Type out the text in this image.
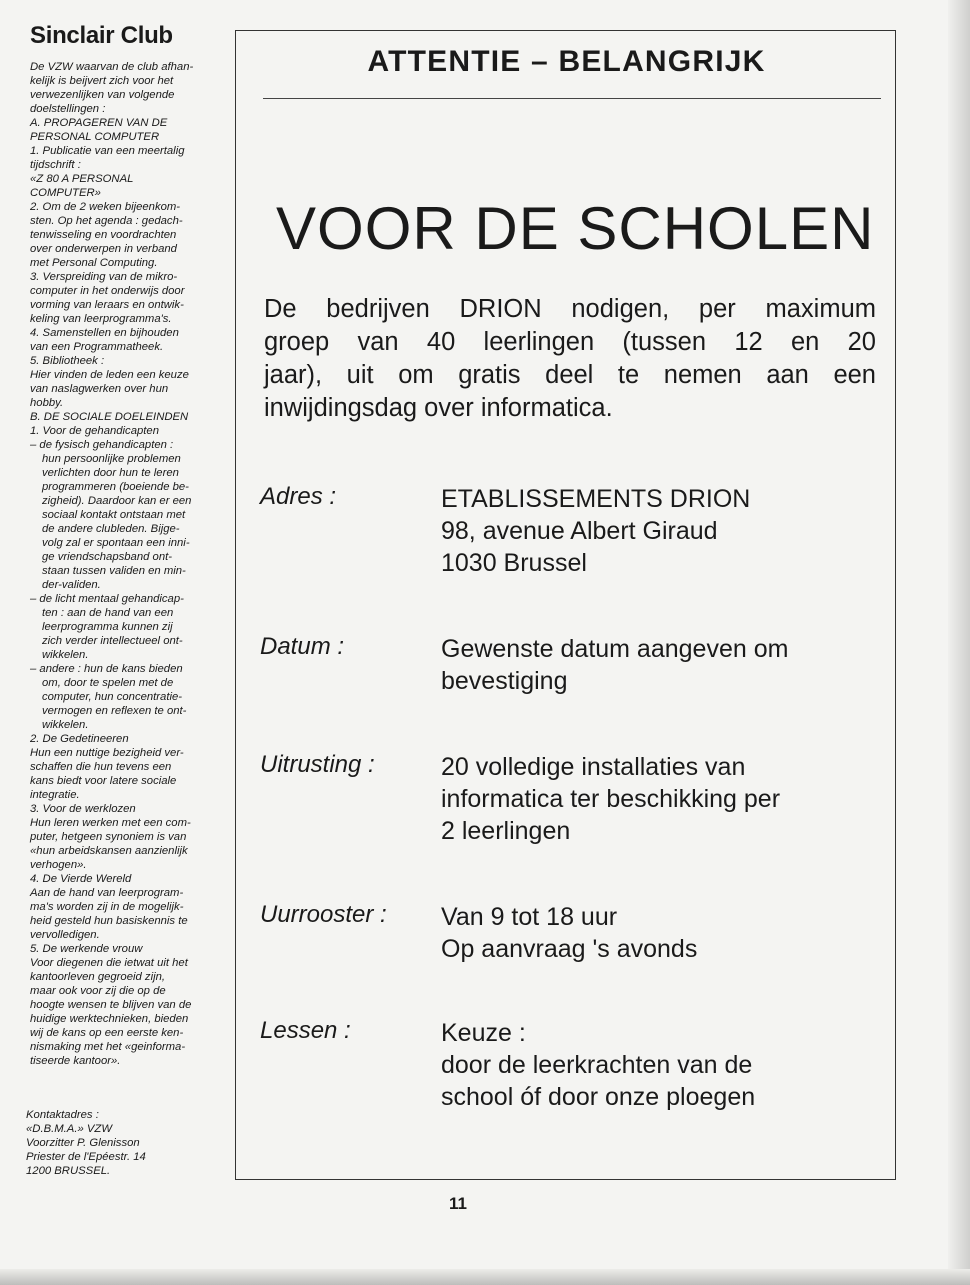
Sinclair Club
De VZW waarvan de club afhan-
kelijk is beijvert zich voor het
verwezenlijken van volgende
doelstellingen :
A. PROPAGEREN VAN DE
PERSONAL COMPUTER
1. Publicatie van een meertalig
tijdschrift :
«Z 80 A PERSONAL
COMPUTER»
2. Om de 2 weken bijeenkom-
sten. Op het agenda : gedach-
tenwisseling en voordrachten
over onderwerpen in verband
met Personal Computing.
3. Verspreiding van de mikro-
computer in het onderwijs door
vorming van leraars en ontwik-
keling van leerprogramma's.
4. Samenstellen en bijhouden
van een Programmatheek.
5. Bibliotheek :
Hier vinden de leden een keuze
van naslagwerken over hun
hobby.
B. DE SOCIALE DOELEINDEN
1. Voor de gehandicapten
– de fysisch gehandicapten :
hun persoonlijke problemen
verlichten door hun te leren
programmeren (boeiende be-
zigheid). Daardoor kan er een
sociaal kontakt ontstaan met
de andere clubleden. Bijge-
volg zal er spontaan een inni-
ge vriendschapsband ont-
staan tussen validen en min-
der-validen.
– de licht mentaal gehandicap-
ten : aan de hand van een
leerprogramma kunnen zij
zich verder intellectueel ont-
wikkelen.
– andere : hun de kans bieden
om, door te spelen met de
computer, hun concentratie-
vermogen en reflexen te ont-
wikkelen.
2. De Gedetineeren
Hun een nuttige bezigheid ver-
schaffen die hun tevens een
kans biedt voor latere sociale
integratie.
3. Voor de werklozen
Hun leren werken met een com-
puter, hetgeen synoniem is van
«hun arbeidskansen aanzienlijk
verhogen».
4. De Vierde Wereld
Aan de hand van leerprogram-
ma's worden zij in de mogelijk-
heid gesteld hun basiskennis te
vervolledigen.
5. De werkende vrouw
Voor diegenen die ietwat uit het
kantoorleven gegroeid zijn,
maar ook voor zij die op de
hoogte wensen te blijven van de
huidige werktechnieken, bieden
wij de kans op een eerste ken-
nismaking met het «geinforma-
tiseerde kantoor».
Kontaktadres :
«D.B.M.A.» VZW
Voorzitter P. Glenisson
Priester de l'Epéestr. 14
1200 BRUSSEL.
ATTENTIE – BELANGRIJK
VOOR DE SCHOLEN
De bedrijven DRION nodigen, per maximum
groep van 40 leerlingen (tussen 12 en 20
jaar), uit om gratis deel te nemen aan een
inwijdingsdag over informatica.
Adres :	ETABLISSEMENTS DRION
98, avenue Albert Giraud
1030 Brussel
Datum :	Gewenste datum aangeven om
bevestiging
Uitrusting :	20 volledige installaties van
informatica ter beschikking per
2 leerlingen
Uurrooster : Van 9 tot 18 uur
Op aanvraag 's avonds
Lessen :	Keuze :
door de leerkrachten van de
school óf door onze ploegen
11
